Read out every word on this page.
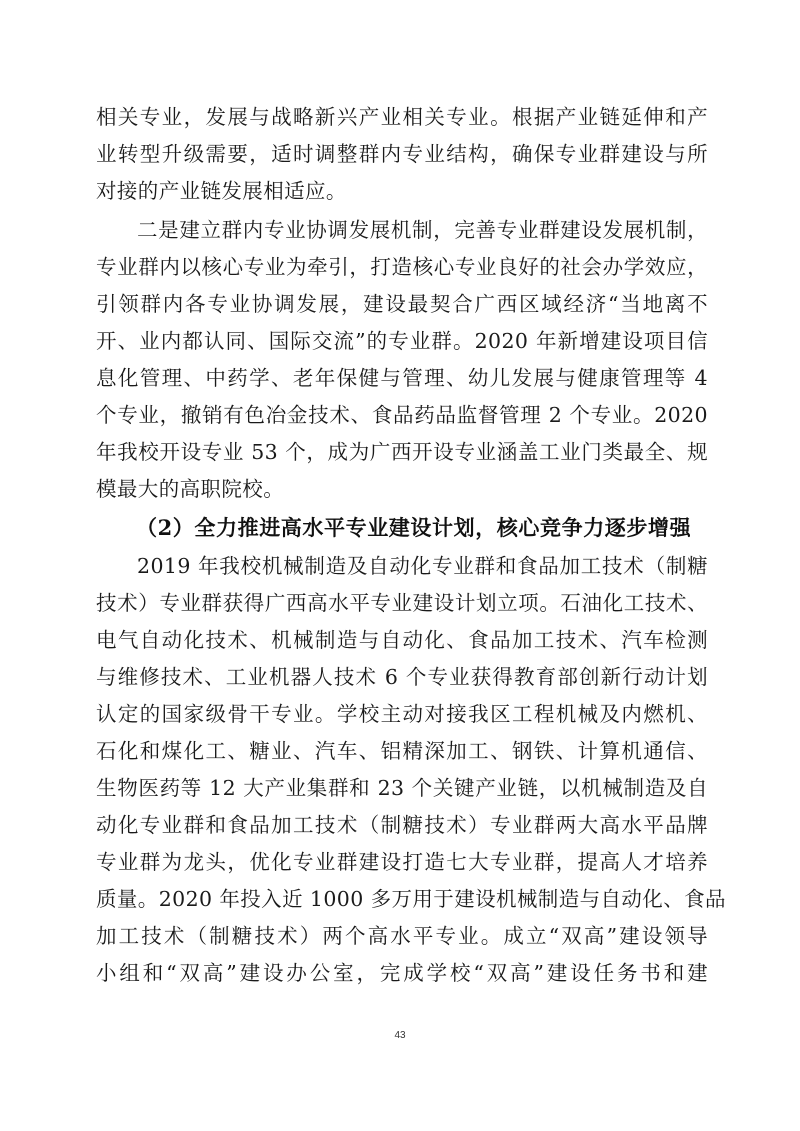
相关专业，发展与战略新兴产业相关专业。根据产业链延伸和产
业转型升级需要，适时调整群内专业结构，确保专业群建设与所
对接的产业链发展相适应。
二是建立群内专业协调发展机制，完善专业群建设发展机制，
专业群内以核心专业为牵引，打造核心专业良好的社会办学效应，
引领群内各专业协调发展，建设最契合广西区域经济“当地离不
开、业内都认同、国际交流”的专业群。2020 年新增建设项目信
息化管理、中药学、老年保健与管理、幼儿发展与健康管理等 4
个专业，撤销有色冶金技术、食品药品监督管理 2 个专业。2020
年我校开设专业 53 个，成为广西开设专业涵盖工业门类最全、规
模最大的高职院校。
（2）全力推进高水平专业建设计划，核心竞争力逐步增强
2019 年我校机械制造及自动化专业群和食品加工技术（制糖
技术）专业群获得广西高水平专业建设计划立项。石油化工技术、
电气自动化技术、机械制造与自动化、食品加工技术、汽车检测
与维修技术、工业机器人技术 6 个专业获得教育部创新行动计划
认定的国家级骨干专业。学校主动对接我区工程机械及内燃机、
石化和煤化工、糖业、汽车、铝精深加工、钢铁、计算机通信、
生物医药等 12 大产业集群和 23 个关键产业链，以机械制造及自
动化专业群和食品加工技术（制糖技术）专业群两大高水平品牌
专业群为龙头，优化专业群建设打造七大专业群，提高人才培养
质量。2020 年投入近 1000 多万用于建设机械制造与自动化、食品
加工技术（制糖技术）两个高水平专业。成立“双高”建设领导
小组和“双高”建设办公室，完成学校“双高”建设任务书和建
43
